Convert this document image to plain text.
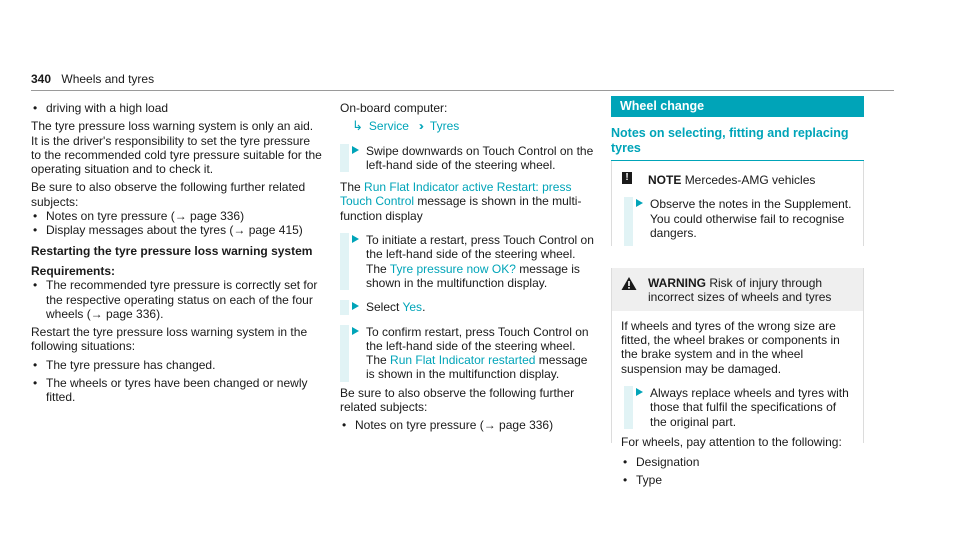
340 Wheels and tyres
• driving with a high load

The tyre pressure loss warning system is only an aid. It is the driver's responsibility to set the tyre pressure to the recommended cold tyre pressure suitable for the operating situation and to check it.

Be sure to also observe the following further related subjects:

• Notes on tyre pressure (→ page 336)
• Display messages about the tyres (→ page 415)

Restarting the tyre pressure loss warning system

Requirements:

• The recommended tyre pressure is correctly set for the respective operating status on each of the four wheels (→ page 336).

Restart the tyre pressure loss warning system in the following situations:

• The tyre pressure has changed.
• The wheels or tyres have been changed or newly fitted.

On-board computer:

↳ Service ›› Tyres
Swipe downwards on Touch Control on the left-hand side of the steering wheel.

The Run Flat Indicator active Restart: press Touch Control message is shown in the multi-function display

To initiate a restart, press Touch Control on the left-hand side of the steering wheel. The Tyre pressure now OK? message is shown in the multifunction display.
Select Yes.
To confirm restart, press Touch Control on the left-hand side of the steering wheel. The Run Flat Indicator restarted message is shown in the multifunction display.

Be sure to also observe the following further related subjects:

• Notes on tyre pressure (→ page 336)
Wheel change
Notes on selecting, fitting and replacing tyres
! NOTE Mercedes-AMG vehicles
Observe the notes in the Supplement. You could otherwise fail to recognise dangers.
WARNING Risk of injury through incorrect sizes of wheels and tyres

If wheels and tyres of the wrong size are fitted, the wheel brakes or components in the brake system and in the wheel suspension may be damaged.

Always replace wheels and tyres with those that fulfil the specifications of the original part.

For wheels, pay attention to the following:

• Designation
• Type
